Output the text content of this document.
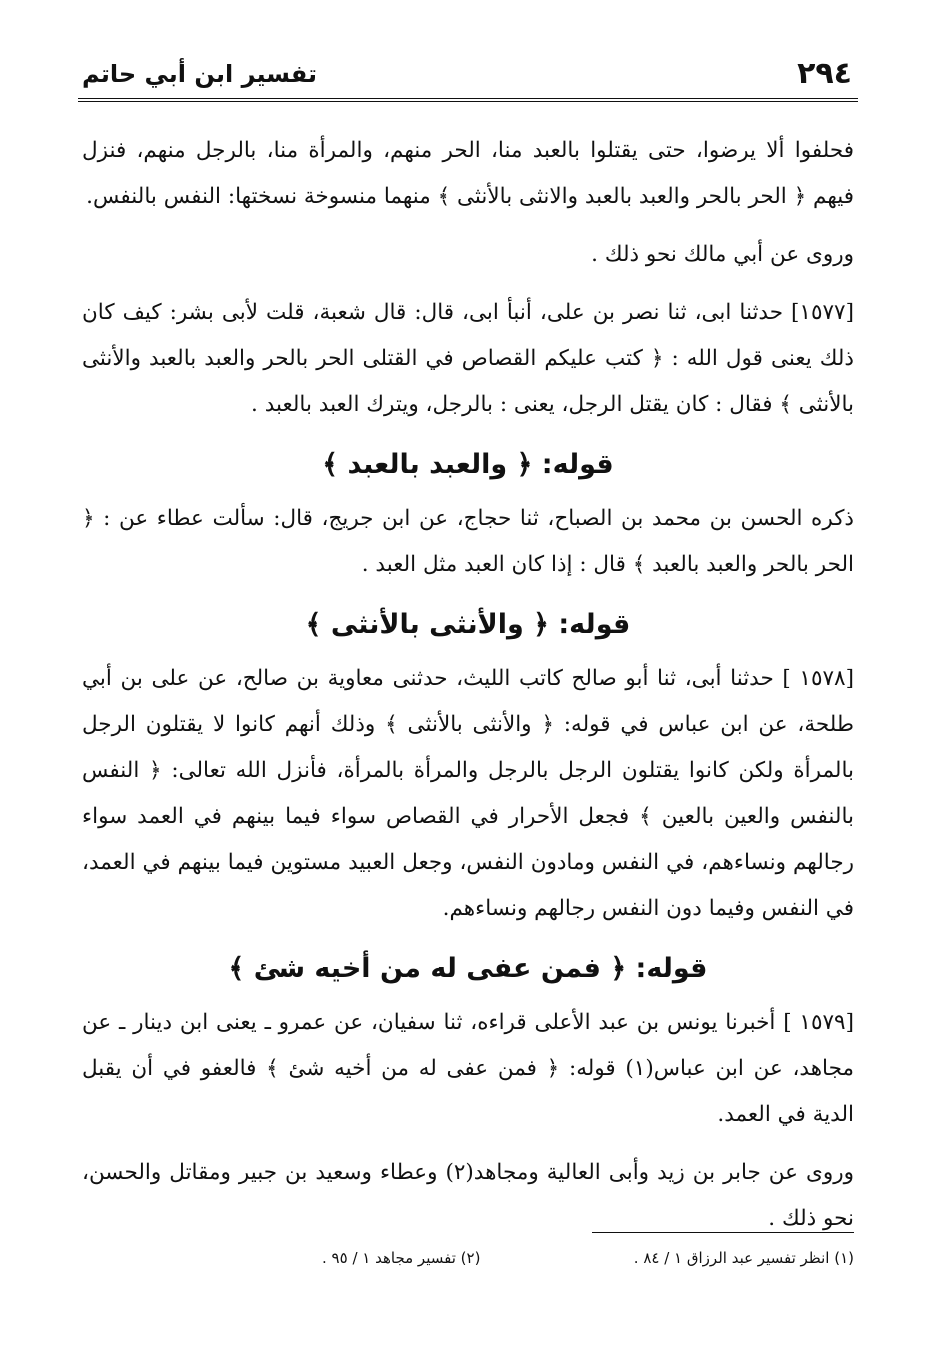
٢٩٤
تفسير ابن أبي حاتم

فحلفوا ألا يرضوا، حتى يقتلوا بالعبد منا، الحر منهم، والمرأة منا، بالرجل منهم، فنزل فيهم ﴿ الحر بالحر والعبد بالعبد والانثى بالأنثى ﴾ منهما منسوخة نسختها: النفس بالنفس.

وروى عن أبي مالك نحو ذلك .

[١٥٧٧] حدثنا ابى، ثنا نصر بن على، أنبأ ابى، قال: قال شعبة، قلت لأبى بشر: كيف كان ذلك يعنى قول الله : ﴿ كتب عليكم القصاص في القتلى الحر بالحر والعبد بالعبد والأنثى بالأنثى ﴾ فقال : كان يقتل الرجل، يعنى : بالرجل، ويترك العبد بالعبد .

قوله: ﴿ والعبد بالعبد ﴾

ذكره الحسن بن محمد بن الصباح، ثنا حجاج، عن ابن جريج، قال: سألت عطاء عن : ﴿ الحر بالحر والعبد بالعبد ﴾ قال : إذا كان العبد مثل العبد .

قوله: ﴿ والأنثى بالأنثى ﴾

[١٥٧٨ ] حدثنا أبى، ثنا أبو صالح كاتب الليث، حدثنى معاوية بن صالح، عن على بن أبي طلحة، عن ابن عباس في قوله: ﴿ والأنثى بالأنثى ﴾ وذلك أنهم كانوا لا يقتلون الرجل بالمرأة ولكن كانوا يقتلون الرجل بالرجل والمرأة بالمرأة، فأنزل الله تعالى: ﴿ النفس بالنفس والعين بالعين ﴾ فجعل الأحرار في القصاص سواء فيما بينهم في العمد سواء رجالهم ونساءهم، في النفس ومادون النفس، وجعل العبيد مستوين فيما بينهم في العمد، في النفس وفيما دون النفس رجالهم ونساءهم.

قوله: ﴿ فمن عفى له من أخيه شئ ﴾

[١٥٧٩ ] أخبرنا يونس بن عبد الأعلى قراءه، ثنا سفيان، عن عمرو ـ يعنى ابن دينار ـ عن مجاهد، عن ابن عباس(١) قوله: ﴿ فمن عفى له من أخيه شئ ﴾ فالعفو في أن يقبل الدية في العمد.

وروى عن جابر بن زيد وأبى العالية ومجاهد(٢) وعطاء وسعيد بن جبير ومقاتل والحسن، نحو ذلك .

(١) انظر تفسير عبد الرزاق ١ / ٨٤ .
(٢) تفسير مجاهد ١ / ٩٥ .
